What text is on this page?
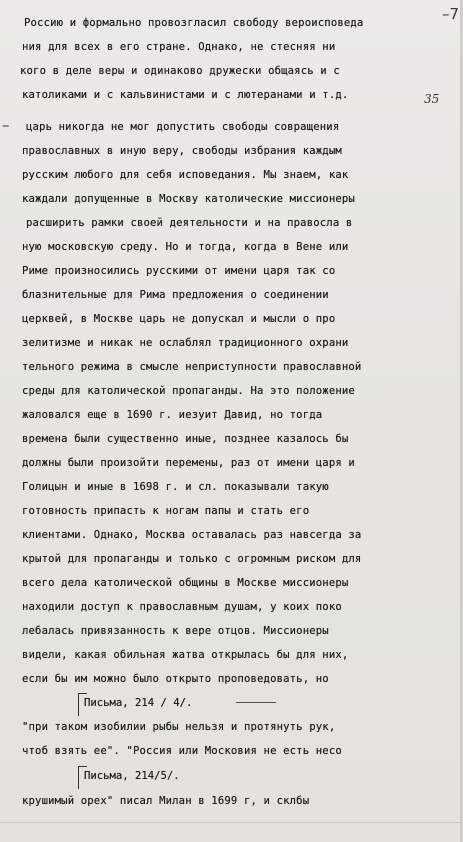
Россию и формально провозгласил свободу вероисповеда
ния для всех в его стране. Однако, не стесняя ни
кого в деле веры и одинаково дружески общаясь и с
католиками и с кальвинистами и с лютеранами и т.д.
царь никогда не мог допустить свободы совращения
православных в иную веру, свободы избрания каждым
русским любого для себя исповедания. Мы знаем, как
каждали допущенные в Москву католические миссионеры
расширить рамки своей деятельности и на правосла в
ную московскую среду. Но и тогда, когда в Вене или
Риме произносились русскими от имени царя так со
блазнительные для Рима предложения о соединении
церквей, в Москве царь не допускал и мысли о про
зелитизме и никак не ослаблял традиционного охрани
тельного режима в смысле неприступности православной
среды для католической пропаганды. На это положение
жаловался еще в 1690 г. иезуит Давид, но тогда
времена были существенно иные, позднее казалось бы
должны были произойти перемены, раз от имени царя и
Голицын и иные в 1698 г. и сл. показывали такую
готовность припасть к ногам папы и стать его
клиентами. Однако, Москва оставалась раз навсегда за
крытой для пропаганды и только с огромным риском для
всего дела католической общины в Москве миссионеры
находили доступ к православным душам, у коих поко
лебалась привязанность к вере отцов. Миссионеры
видели, какая обильная жатва открылась бы для них,
если бы им можно было открыто проповедовать, но
Письма, 214 / 4/.
"при таком изобилии рыбы нельзя и протянуть рук,
чтоб взять ее". "Россия или Московия не есть несо
Письма, 214/5/.
крушимый орех" писал Милан в 1699 г, и склбы
–7
35
–
